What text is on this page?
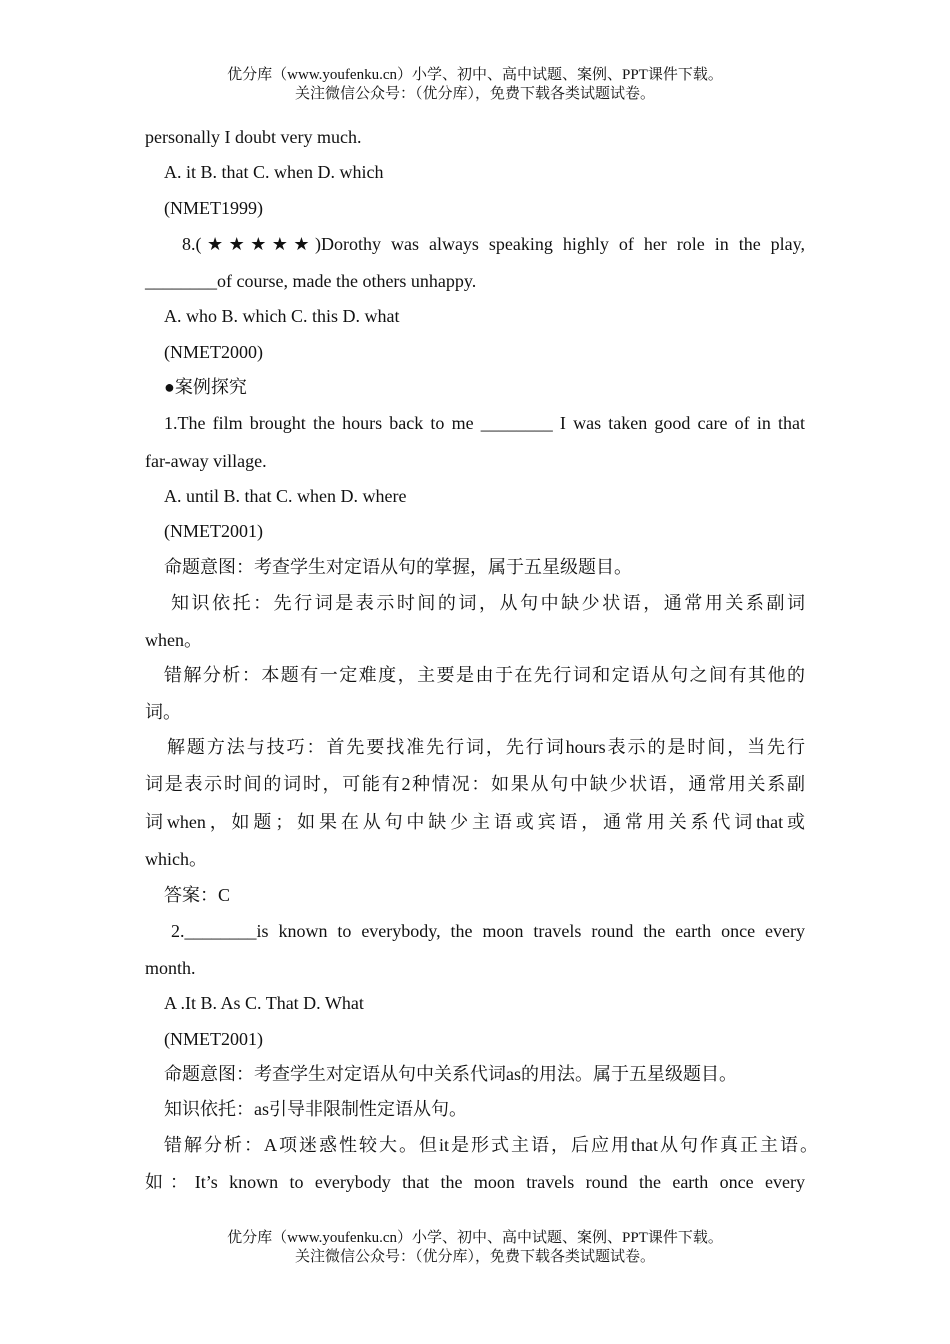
优分库（www.youfenku.cn）小学、初中、高中试题、案例、PPT课件下载。
关注微信公众号：（优分库），免费下载各类试题试卷。
personally I doubt very much.
A. it B. that C. when D. which
(NMET1999)
8.(★★★★★)Dorothy was always speaking highly of her role in the play,
________of course, made the others unhappy.
A. who B. which C. this D. what
(NMET2000)
●案例探究
1.The film brought the hours back to me ________ I was taken good care of in that
far-away village.
A. until B. that C. when D. where
(NMET2001)
命题意图：考查学生对定语从句的掌握，属于五星级题目。
知识依托：先行词是表示时间的词，从句中缺少状语，通常用关系副词
when。
错解分析：本题有一定难度，主要是由于在先行词和定语从句之间有其他的
词。
解题方法与技巧：首先要找准先行词，先行词hours表示的是时间，当先行
词是表示时间的词时，可能有2种情况：如果从句中缺少状语，通常用关系副
词when，如题；如果在从句中缺少主语或宾语，通常用关系代词that或
which。
答案：C
2.________is known to everybody, the moon travels round the earth once every
month.
A .It B. As C. That D. What
(NMET2001)
命题意图：考查学生对定语从句中关系代词as的用法。属于五星级题目。
知识依托：as引导非限制性定语从句。
错解分析：A项迷惑性较大。但it是形式主语，后应用that从句作真正主语。
如：It’s known to everybody that the moon travels round the earth once every
优分库（www.youfenku.cn）小学、初中、高中试题、案例、PPT课件下载。
关注微信公众号：（优分库），免费下载各类试题试卷。
